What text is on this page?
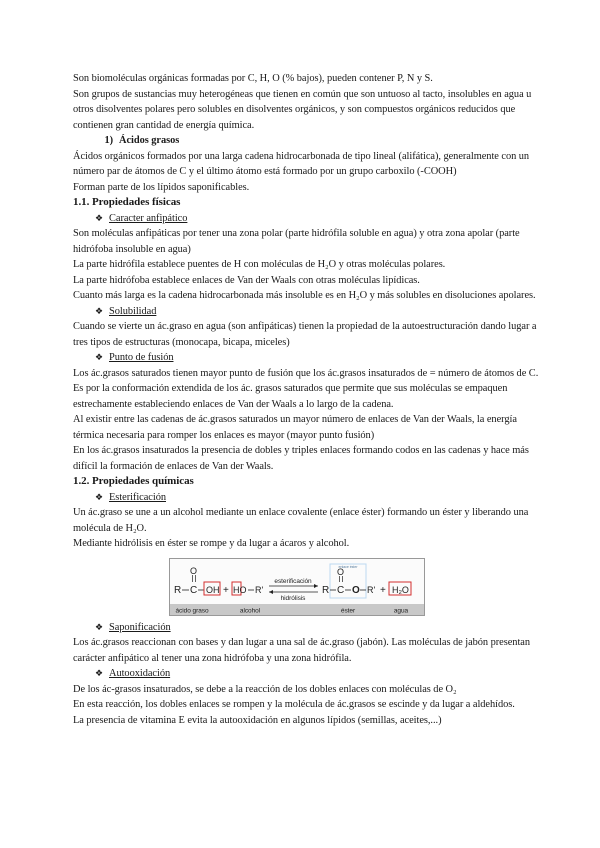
Son biomoléculas orgánicas formadas por C, H, O (% bajos), pueden contener P, N y S.

Son grupos de sustancias muy heterogéneas que tienen en común que son untuoso al tacto, insolubles en agua u otros disolventes polares pero solubles en disolventes orgánicos, y son compuestos orgánicos reducidos que contienen gran cantidad de energía química.

1) Ácidos grasos

Ácidos orgánicos formados por una larga cadena hidrocarbonada de tipo lineal (alifática), generalmente con un número par de átomos de C y el último átomo está formado por un grupo carboxilo (-COOH)

Forman parte de los lípidos saponificables.

1.1. Propiedades físicas

❖ Caracter anfipático

Son moléculas anfipáticas por tener una zona polar (parte hidrófila soluble en agua) y otra zona apolar (parte hidrófoba insoluble en agua)

La parte hidrófila establece puentes de H con moléculas de H₂O y otras moléculas polares.

La parte hidrófoba establece enlaces de Van der Waals con otras moléculas lipídicas.

Cuanto más larga es la cadena hidrocarbonada más insoluble es en H₂O y más solubles en disoluciones apolares.

❖ Solubilidad

Cuando se vierte un ác.graso en agua (son anfipáticas) tienen la propiedad de la autoestructuración dando lugar a tres tipos de estructuras (monocapa, bicapa, miceles)

❖ Punto de fusión

Los ác.grasos saturados tienen mayor punto de fusión que los ác.grasos insaturados de = número de átomos de C.

Es por la conformación extendida de los ác. grasos saturados que permite que sus moléculas se empaquen estrechamente estableciendo enlaces de Van der Waals a lo largo de la cadena.

Al existir entre las cadenas de ác.grasos saturados un mayor número de enlaces de Van der Waals, la energía térmica necesaria para romper los enlaces es mayor (mayor punto fusión)

En los ác.grasos insaturados la presencia de dobles y triples enlaces formando codos en las cadenas y hace más difícil la formación de enlaces de Van der Waals.

1.2. Propiedades químicas

❖ Esterificación

Un ác.graso se une a un alcohol mediante un enlace covalente (enlace éster) formando un éster y liberando una molécula de H₂O.

Mediante hidrólisis en éster se rompe y da lugar a ácaros y alcohol.

enlace éster
R C
O
OH + HO R'
esterificación
hidrólisis
R C
O
O R' + H₂O
ácido graso	alcohol	éster	agua

❖ Saponificación

Los ác.grasos reaccionan con bases y dan lugar a una sal de ác.graso (jabón). Las moléculas de jabón presentan carácter anfipático al tener una zona hidrófoba y una zona hidrófila.

❖ Autooxidación

De los ác-grasos insaturados, se debe a la reacción de los dobles enlaces con moléculas de O₂

En esta reacción, los dobles enlaces se rompen y la molécula de ác.grasos se escinde y da lugar a aldehídos.

La presencia de vitamina E evita la autooxidación en algunos lípidos (semillas, aceites,...)
